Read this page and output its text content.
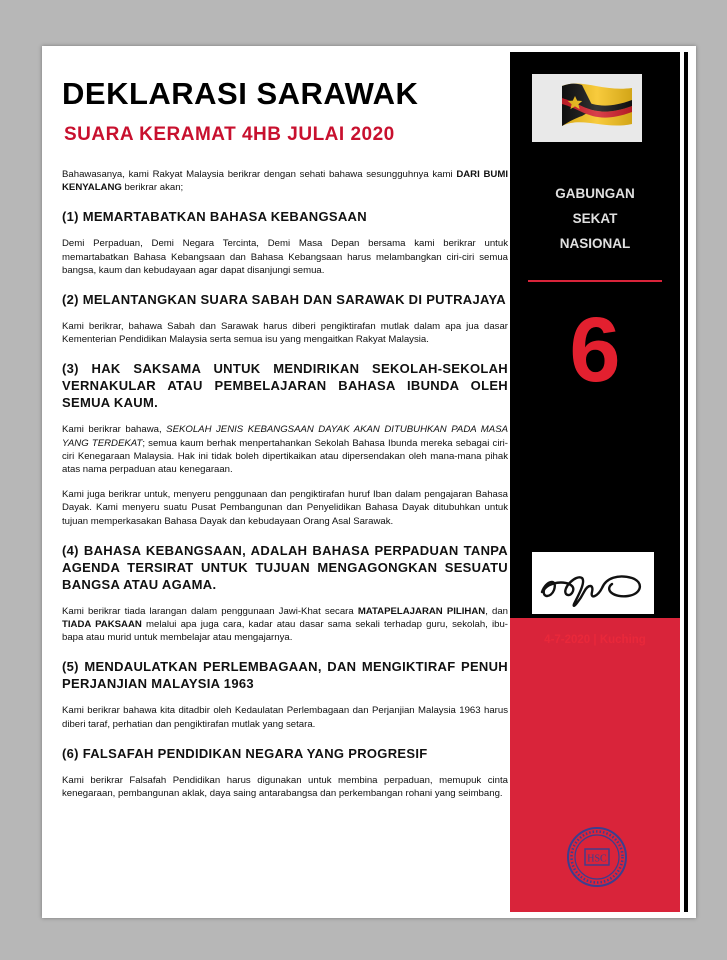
DEKLARASI SARAWAK
SUARA KERAMAT 4HB JULAI 2020

Bahawasanya, kami Rakyat Malaysia berikrar dengan sehati bahawa sesungguhnya kami DARI BUMI KENYALANG berikrar akan;

(1) MEMARTABATKAN BAHASA KEBANGSAAN

Demi Perpaduan, Demi Negara Tercinta, Demi Masa Depan bersama kami berikrar untuk memartabatkan Bahasa Kebangsaan dan Bahasa Kebangsaan harus melambangkan ciri-ciri semua bangsa, kaum dan kebudayaan agar dapat disanjungi semua.

(2) MELANTANGKAN SUARA SABAH DAN SARAWAK DI PUTRAJAYA

Kami berikrar, bahawa Sabah dan Sarawak harus diberi pengiktirafan mutlak dalam apa jua dasar Kementerian Pendidikan Malaysia serta semua isu yang mengaitkan Rakyat Malaysia.

(3) HAK SAKSAMA UNTUK MENDIRIKAN SEKOLAH-SEKOLAH VERNAKULAR ATAU PEMBELAJARAN BAHASA IBUNDA OLEH SEMUA KAUM.

Kami berikrar bahawa, SEKOLAH JENIS KEBANGSAAN DAYAK AKAN DITUBUHKAN PADA MASA YANG TERDEKAT; semua kaum berhak menpertahankan Sekolah Bahasa Ibunda mereka sebagai ciri-ciri Kenegaraan Malaysia. Hak ini tidak boleh dipertikaikan atau dipersendakan oleh mana-mana pihak atas nama perpaduan atau kenegaraan.

Kami juga berikrar untuk, menyeru penggunaan dan pengiktirafan huruf Iban dalam pengajaran Bahasa Dayak. Kami menyeru suatu Pusat Pembangunan dan Penyelidikan Bahasa Dayak ditubuhkan untuk tujuan memperkasakan Bahasa Dayak dan kebudayaan Orang Asal Sarawak.

(4) BAHASA KEBANGSAAN, ADALAH BAHASA PERPADUAN TANPA AGENDA TERSIRAT UNTUK TUJUAN MENGAGONGKAN SESUATU BANGSA ATAU AGAMA.

Kami berikrar tiada larangan dalam penggunaan Jawi-Khat secara MATAPELAJARAN PILIHAN, dan TIADA PAKSAAN melalui apa juga cara, kadar atau dasar sama sekali terhadap guru, sekolah, ibu-bapa atau murid untuk membelajar atau mengajarnya.

(5) MENDAULATKAN PERLEMBAGAAN, DAN MENGIKTIRAF PENUH PERJANJIAN MALAYSIA 1963

Kami berikrar bahawa kita ditadbir oleh Kedaulatan Perlembagaan dan Perjanjian Malaysia 1963 harus diberi taraf, perhatian dan pengiktirafan mutlak yang setara.

(6) FALSAFAH PENDIDIKAN NEGARA YANG PROGRESIF

Kami berikrar Falsafah Pendidikan harus digunakan untuk membina perpaduan, memupuk cinta kenegaraan, pembangunan aklak, daya saing antarabangsa dan perkembangan rohani yang seimbang.

GABUNGAN
SEKAT
NASIONAL
6
4-7-2020 | Kuching
HSC
